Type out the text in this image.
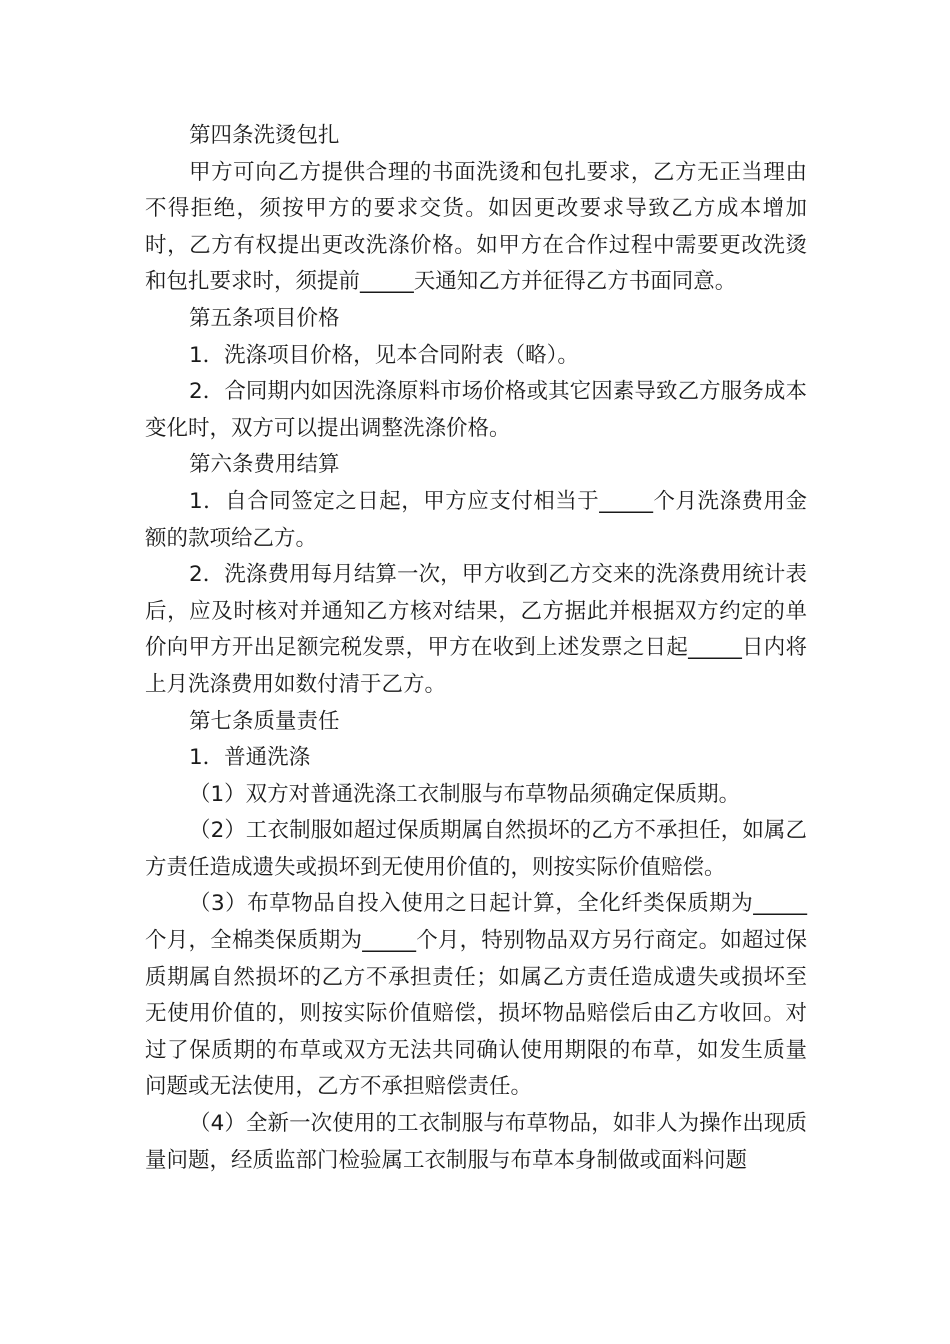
第四条洗烫包扎

甲方可向乙方提供合理的书面洗烫和包扎要求，乙方无正当理由不得拒绝，须按甲方的要求交货。如因更改要求导致乙方成本增加时，乙方有权提出更改洗涤价格。如甲方在合作过程中需要更改洗烫和包扎要求时，须提前_____天通知乙方并征得乙方书面同意。

第五条项目价格

1．洗涤项目价格，见本合同附表（略）。

2．合同期内如因洗涤原料市场价格或其它因素导致乙方服务成本变化时，双方可以提出调整洗涤价格。

第六条费用结算

1．自合同签定之日起，甲方应支付相当于_____个月洗涤费用金额的款项给乙方。

2．洗涤费用每月结算一次，甲方收到乙方交来的洗涤费用统计表后，应及时核对并通知乙方核对结果，乙方据此并根据双方约定的单价向甲方开出足额完税发票，甲方在收到上述发票之日起_____日内将上月洗涤费用如数付清于乙方。

第七条质量责任

1．普通洗涤

（1）双方对普通洗涤工衣制服与布草物品须确定保质期。

（2）工衣制服如超过保质期属自然损坏的乙方不承担任，如属乙方责任造成遗失或损坏到无使用价值的，则按实际价值赔偿。

（3）布草物品自投入使用之日起计算，全化纤类保质期为_____个月，全棉类保质期为_____个月，特别物品双方另行商定。如超过保质期属自然损坏的乙方不承担责任；如属乙方责任造成遗失或损坏至无使用价值的，则按实际价值赔偿，损坏物品赔偿后由乙方收回。对过了保质期的布草或双方无法共同确认使用期限的布草，如发生质量问题或无法使用，乙方不承担赔偿责任。

（4）全新一次使用的工衣制服与布草物品，如非人为操作出现质量问题，经质监部门检验属工衣制服与布草本身制做或面料问题
